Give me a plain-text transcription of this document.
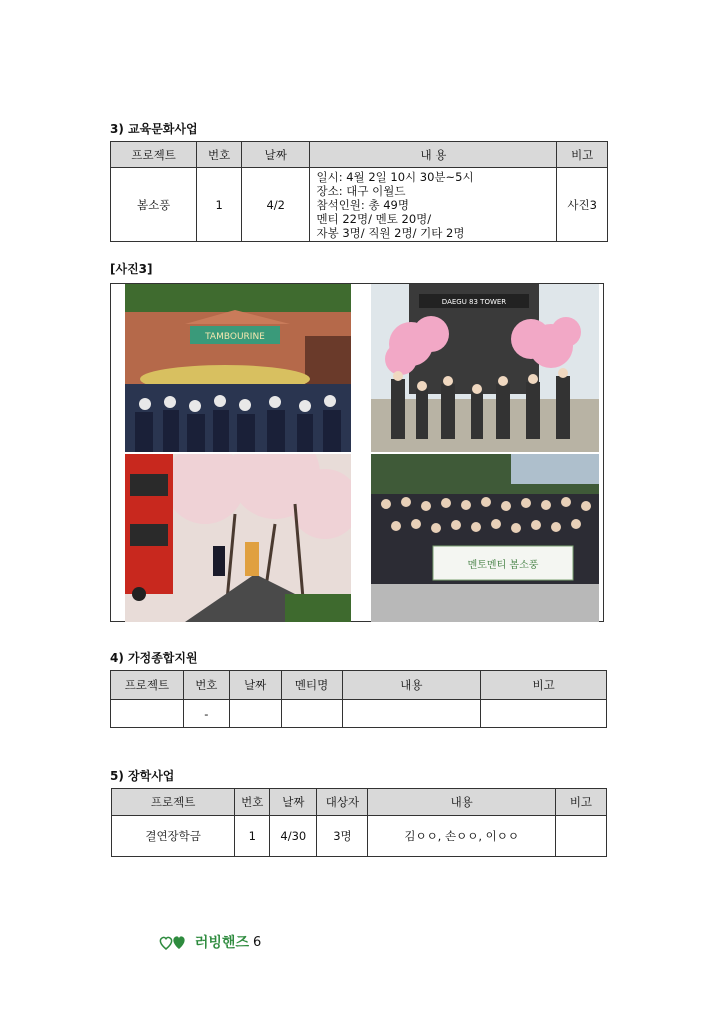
3) 교육문화사업
프로젝트	번호	날짜	내 용	비고
봄소풍	1	4/2	일시: 4월 2일 10시 30분~5시
장소: 대구 이월드
참석인원: 총 49명
멘티 22명/ 멘토 20명/
자봉 3명/ 직원 2명/ 기타 2명	사진3
[사진3]
TAMBOURINE
DAEGU 83 TOWER
멘토멘티 봄소풍
4) 가정종합지원
프로젝트	번호	날짜	멘티명	내용	비고
	-				
5) 장학사업
프로젝트	번호	날짜	대상자	내용	비고
결연장학금	1	4/30	3명	김ㅇㅇ, 손ㅇㅇ, 이ㅇㅇ	
러빙핸즈 6
